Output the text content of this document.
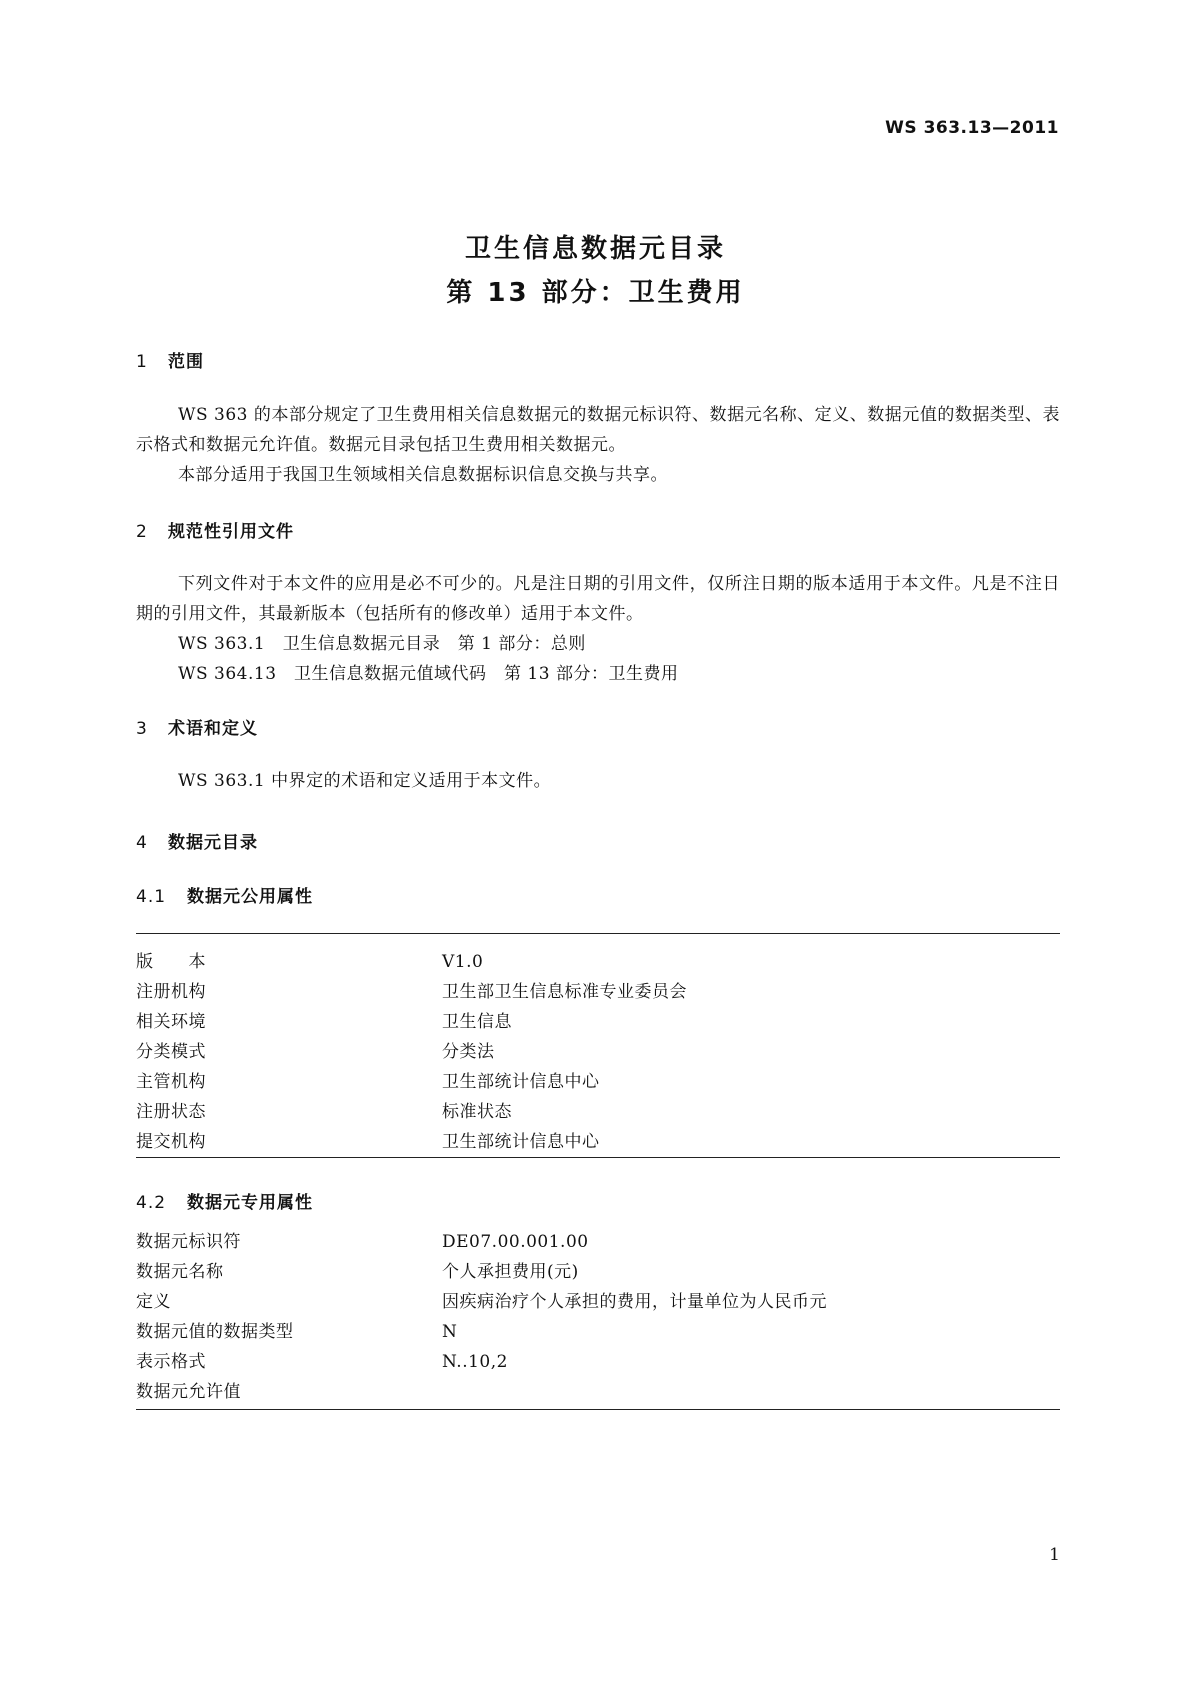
WS 363.13—2011
卫生信息数据元目录
第 13 部分：卫生费用
1 范围

WS 363 的本部分规定了卫生费用相关信息数据元的数据元标识符、数据元名称、定义、数据元值的数据类型、表示格式和数据元允许值。数据元目录包括卫生费用相关数据元。

本部分适用于我国卫生领域相关信息数据标识信息交换与共享。

2 规范性引用文件

下列文件对于本文件的应用是必不可少的。凡是注日期的引用文件，仅所注日期的版本适用于本文件。凡是不注日期的引用文件，其最新版本（包括所有的修改单）适用于本文件。

WS 363.1　卫生信息数据元目录　第 1 部分：总则

WS 364.13　卫生信息数据元值域代码　第 13 部分：卫生费用

3 术语和定义

WS 363.1 中界定的术语和定义适用于本文件。

4 数据元目录
4.1 数据元公用属性
版　　本	V1.0
注册机构	卫生部卫生信息标准专业委员会
相关环境	卫生信息
分类模式	分类法
主管机构	卫生部统计信息中心
注册状态	标准状态
提交机构	卫生部统计信息中心
4.2 数据元专用属性
数据元标识符	DE07.00.001.00
数据元名称	个人承担费用(元)
定义	因疾病治疗个人承担的费用，计量单位为人民币元
数据元值的数据类型	N
表示格式	N..10,2
数据元允许值
1
